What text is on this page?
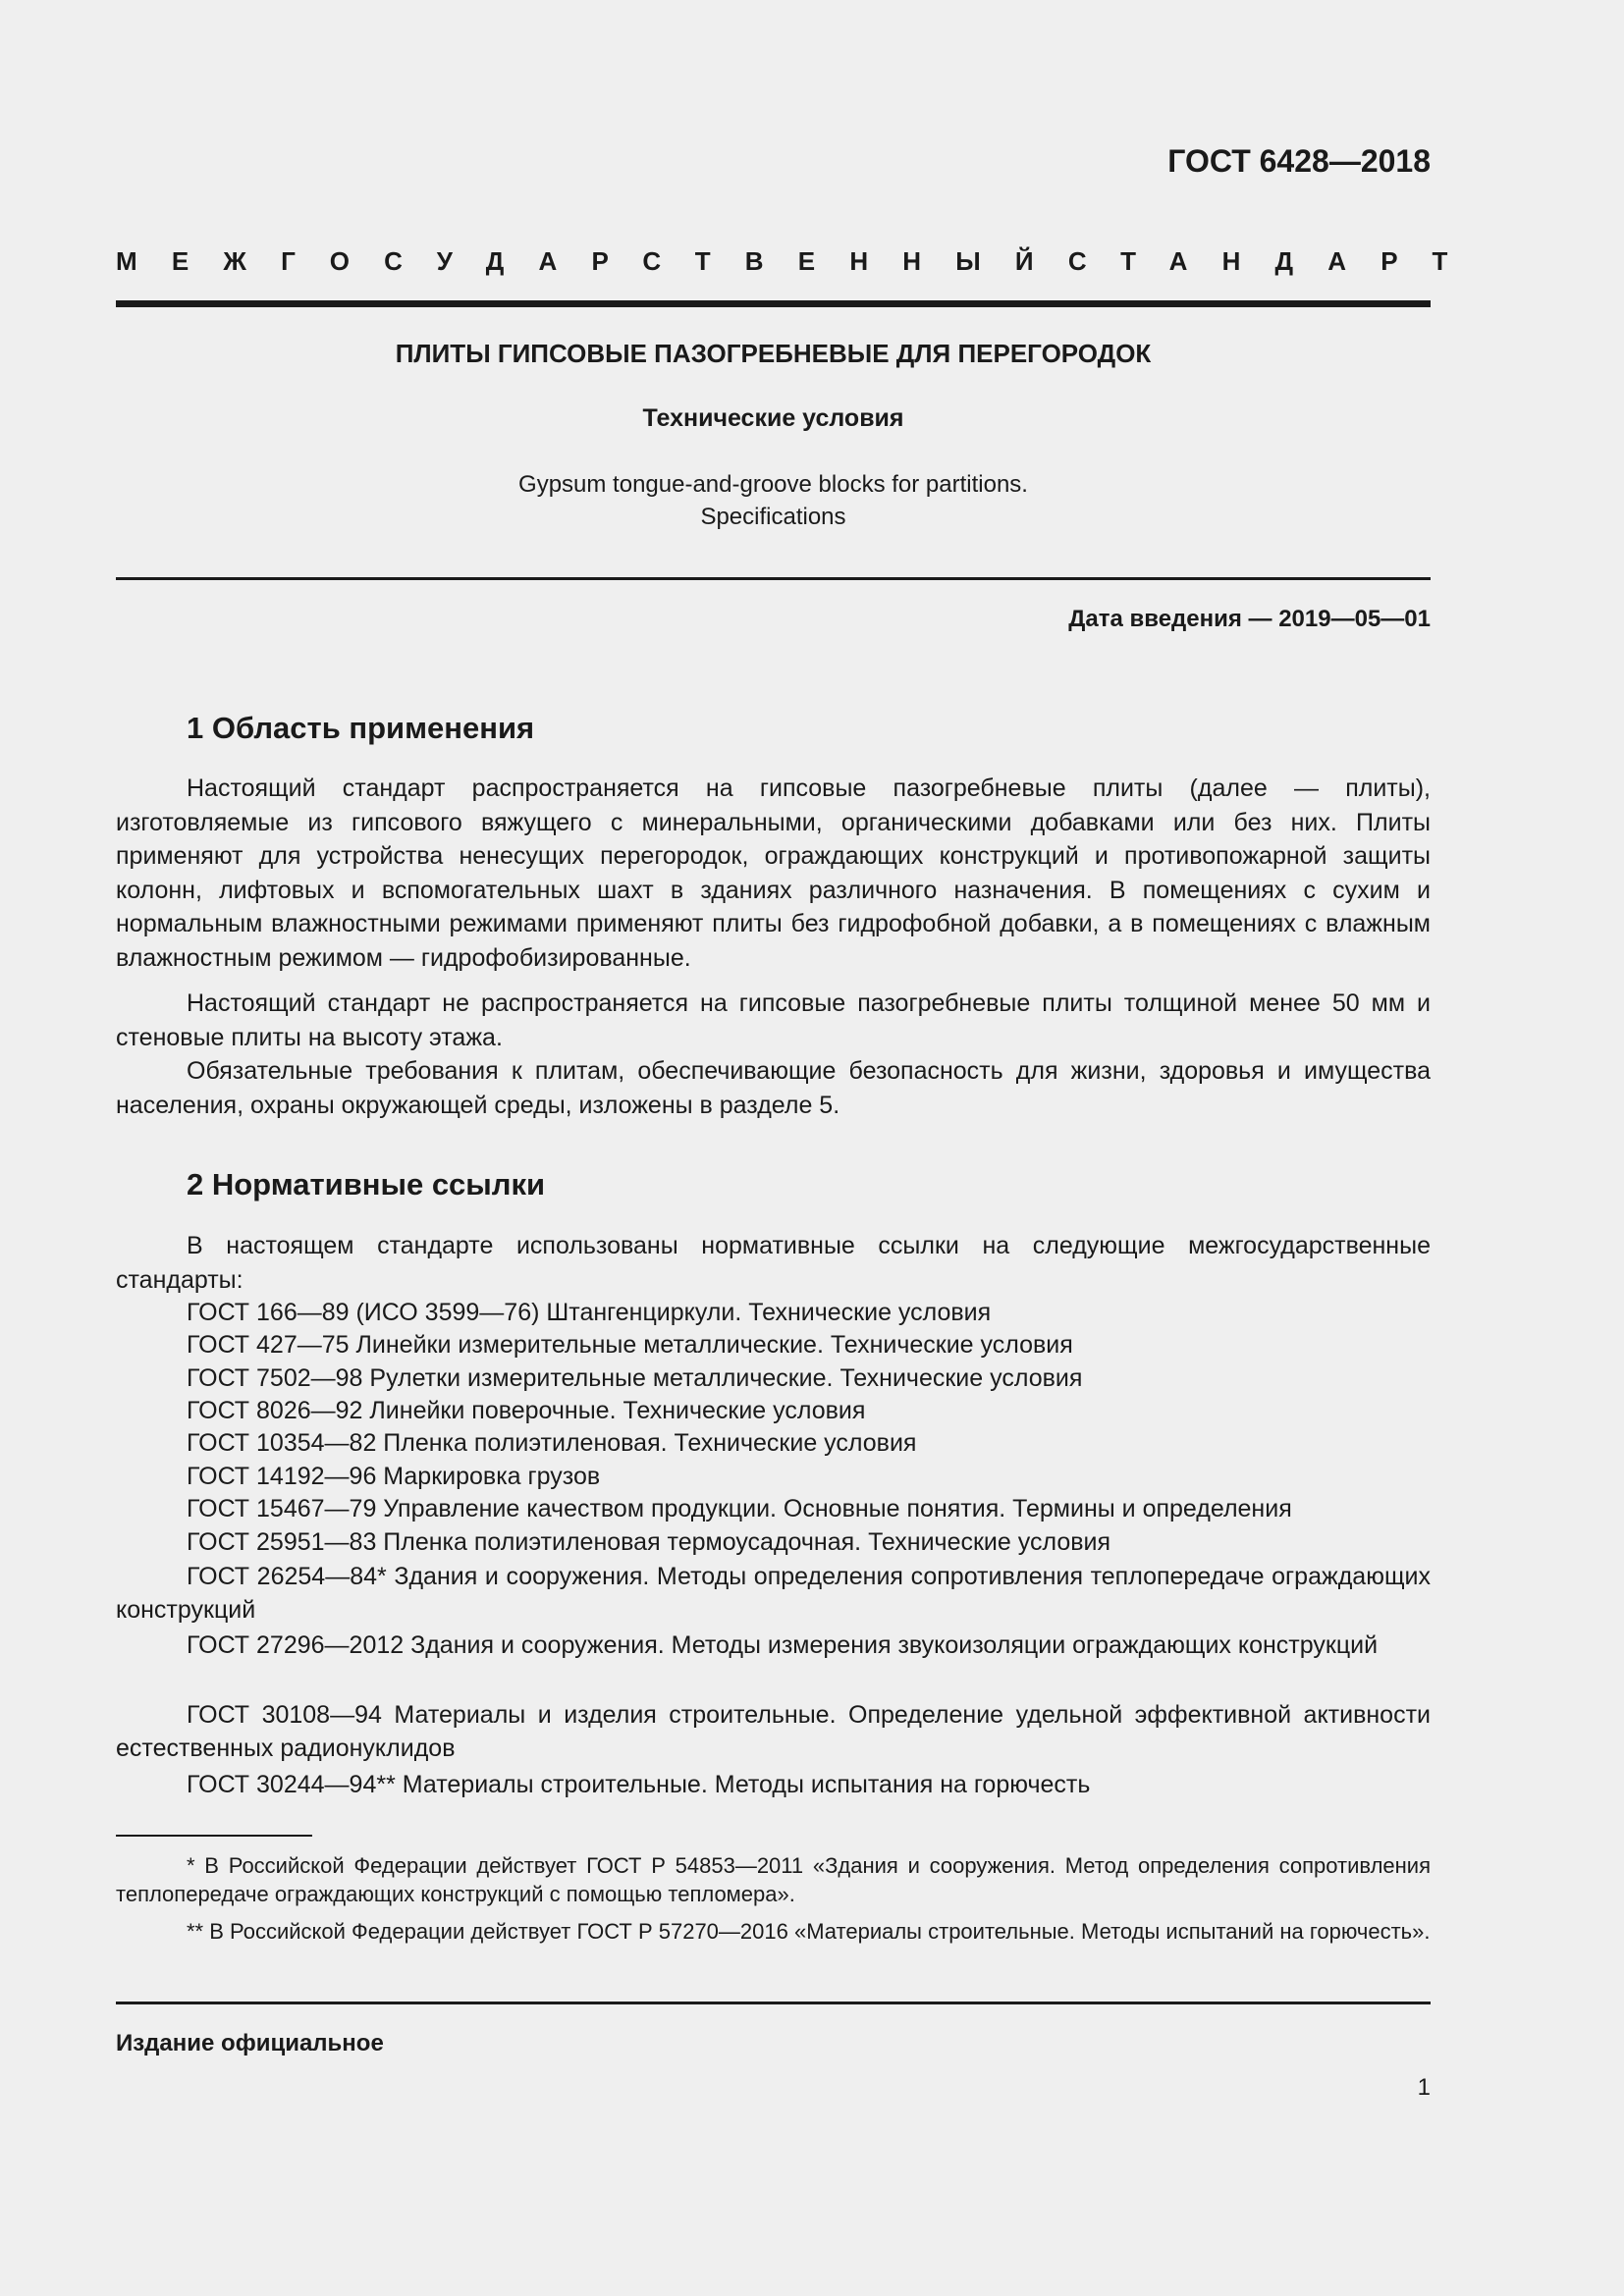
ГОСТ 6428—2018
МЕЖГОСУДАРСТВЕННЫЙ СТАНДАРТ
ПЛИТЫ ГИПСОВЫЕ ПАЗОГРЕБНЕВЫЕ ДЛЯ ПЕРЕГОРОДОК
Технические условия
Gypsum tongue-and-groove blocks for partitions.
Specifications
Дата введения — 2019—05—01
1 Область применения

Настоящий стандарт распространяется на гипсовые пазогребневые плиты (далее — плиты), изготовляемые из гипсового вяжущего с минеральными, органическими добавками или без них. Плиты применяют для устройства ненесущих перегородок, ограждающих конструкций и противопожарной защиты колонн, лифтовых и вспомогательных шахт в зданиях различного назначения. В помещениях с сухим и нормальным влажностными режимами применяют плиты без гидрофобной добавки, а в помещениях с влажным влажностным режимом — гидрофобизированные.

Настоящий стандарт не распространяется на гипсовые пазогребневые плиты толщиной менее 50 мм и стеновые плиты на высоту этажа.

Обязательные требования к плитам, обеспечивающие безопасность для жизни, здоровья и имущества населения, охраны окружающей среды, изложены в разделе 5.

2 Нормативные ссылки

В настоящем стандарте использованы нормативные ссылки на следующие межгосударственные стандарты:

ГОСТ 166—89 (ИСО 3599—76) Штангенциркули. Технические условия

ГОСТ 427—75 Линейки измерительные металлические. Технические условия

ГОСТ 7502—98 Рулетки измерительные металлические. Технические условия

ГОСТ 8026—92 Линейки поверочные. Технические условия

ГОСТ 10354—82 Пленка полиэтиленовая. Технические условия

ГОСТ 14192—96 Маркировка грузов

ГОСТ 15467—79 Управление качеством продукции. Основные понятия. Термины и определения

ГОСТ 25951—83 Пленка полиэтиленовая термоусадочная. Технические условия

ГОСТ 26254—84* Здания и сооружения. Методы определения сопротивления теплопередаче ограждающих конструкций

ГОСТ 27296—2012 Здания и сооружения. Методы измерения звукоизоляции ограждающих конструкций

ГОСТ 30108—94 Материалы и изделия строительные. Определение удельной эффективной активности естественных радионуклидов

ГОСТ 30244—94** Материалы строительные. Методы испытания на горючесть

* В Российской Федерации действует ГОСТ Р 54853—2011 «Здания и сооружения. Метод определения сопротивления теплопередаче ограждающих конструкций с помощью тепломера».

** В Российской Федерации действует ГОСТ Р 57270—2016 «Материалы строительные. Методы испытаний на горючесть».

Издание официальное
1
